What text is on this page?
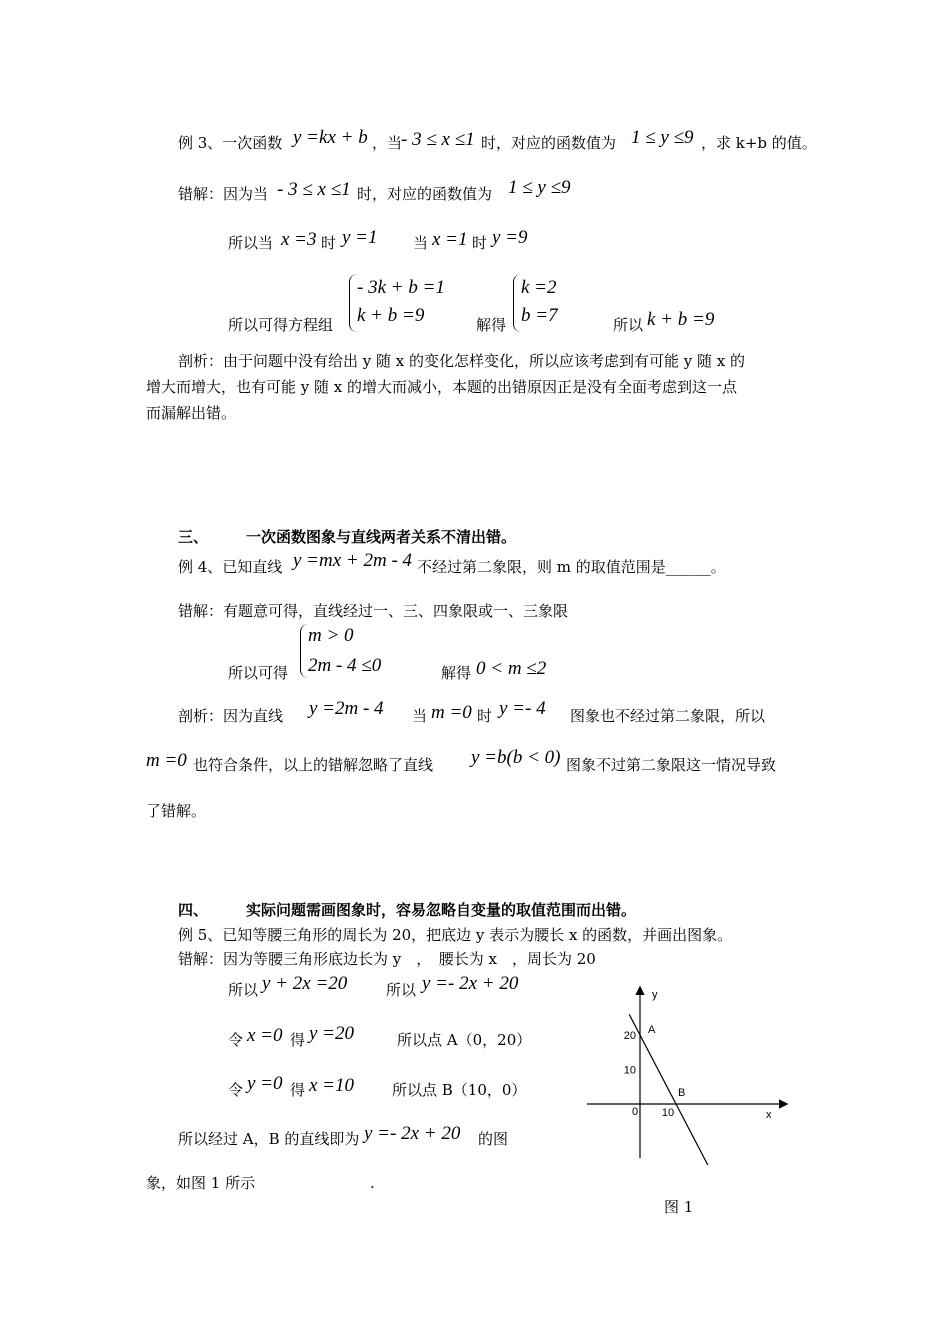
例 3、一次函数 y =kx + b ，当
- 3 ≤ x ≤1 时，对应的函数值为 1 ≤ y ≤9 ，求 k+b 的值。
错解：因为当 - 3 ≤ x ≤1 时，对应的函数值为 1 ≤ y ≤9
所以当 x =3 时 y =1 当 x =1 时 y =9
所以可得方程组
- 3k + b =1
k + b =9	解得
k =2
b =7	所以 k + b =9
剖析：由于问题中没有给出 y 随 x 的变化怎样变化，所以应该考虑到有可能 y 随 x 的
增大而增大，也有可能 y 随 x 的增大而减小，本题的出错原因正是没有全面考虑到这一点
而漏解出错。
三、	一次函数图象与直线两者关系不清出错。
例 4、已知直线 y =mx + 2m - 4 不经过第二象限，则 m 的取值范围是______。
错解：有题意可得，直线经过一、三、四象限或一、三象限
m > 0
2m - 4 ≤0
所以可得	解得 0 < m ≤2
剖析：因为直线 y =2m - 4 当 m =0 时 y =- 4 图象也不经过第二象限，所以
m =0 也符合条件，以上的错解忽略了直线 y =b(b < 0) 图象不过第二象限这一情况导致
了错解。
四、	实际问题需画图象时，容易忽略自变量的取值范围而出错。
例 5、已知等腰三角形的周长为 20，把底边 y 表示为腰长 x 的函数，并画出图象。
错解：因为等腰三角形底边长为 y　，　腰长为 x　，周长为 20
所以 y + 2x =20	所以 y =- 2x + 20
令 x =0 得 y =20	所以点 A（0，20）
令 y =0 得 x =10	所以点 B（10，0）
所以经过 A，B 的直线即为 y =- 2x + 20 的图
象，如图 1 所示	.
y
x
0
20
10
10
A
B
图 1
